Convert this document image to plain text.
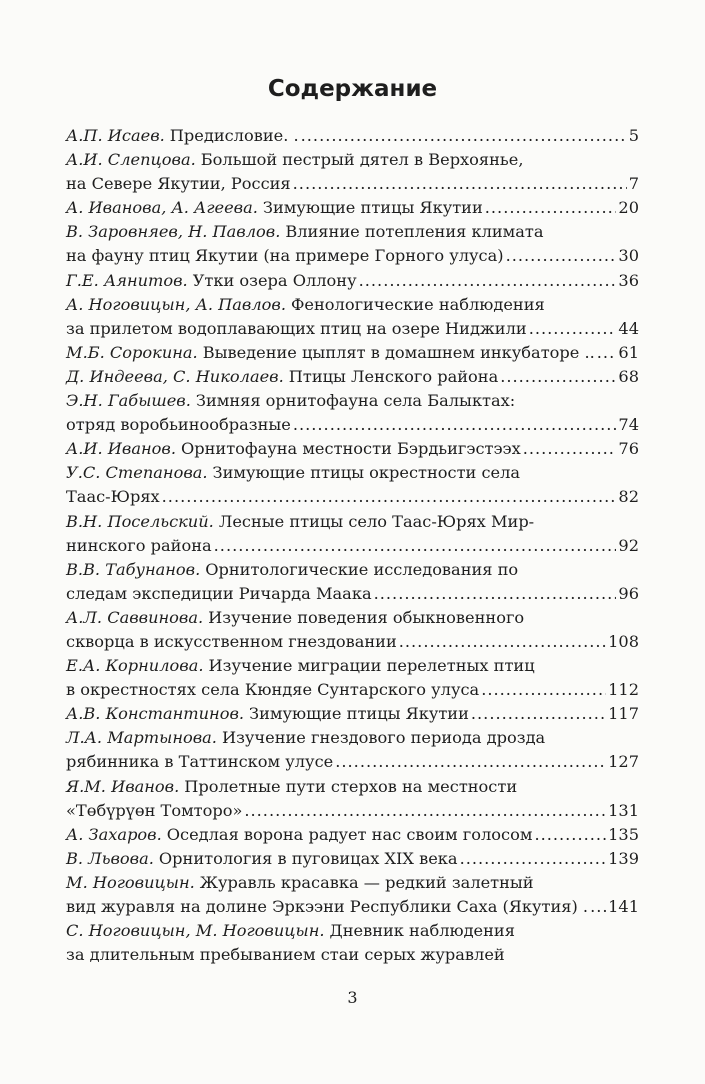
Содержание
А.П. Исаев. Предисловие. . .....	5
А.И. Слепцова. Большой пестрый дятел в Верхоянье,
на Севере Якутии, Россия .....	7
А. Иванова, А. Агеева. Зимующие птицы Якутии .....	20
В. Заровняев, Н. Павлов. Влияние потепления климата
на фауну птиц Якутии (на примере Горного улуса) .....	30
Г.Е. Аянитов. Утки озера Оллону .....	36
А. Ноговицын, А. Павлов. Фенологические наблюдения
за прилетом водоплавающих птиц на озере Ниджили .....	44
М.Б. Сорокина. Выведение цыплят в домашнем инкубаторе .. ..... 61
Д. Индеева, С. Николаев. Птицы Ленского района .....	68
Э.Н. Габышев. Зимняя орнитофауна села Балыктах:
отряд воробьинообразные .....	74
А.И. Иванов. Орнитофауна местности Бэрдьигэстээх .....	76
У.С. Степанова. Зимующие птицы окрестности села
Таас-Юрях .....	82
В.Н. Посельский. Лесные птицы село Таас-Юрях Мир-
нинского района .....	92
В.В. Табунанов. Орнитологические исследования по
следам экспедиции Ричарда Маака .....	96
А.Л. Саввинова. Изучение поведения обыкновенного
скворца в искусственном гнездовании .....	108
Е.А. Корнилова. Изучение миграции перелетных птиц
в окрестностях села Кюндяе Сунтарского улуса .....	112
А.В. Константинов. Зимующие птицы Якутии .....	117
Л.А. Мартынова. Изучение гнездового периода дрозда
рябинника в Таттинском улусе .....	127
Я.М. Иванов. Пролетные пути стерхов на местности
«Төбүрүөн Томторо» .....	131
А. Захаров. Оседлая ворона радует нас своим голосом .....	135
В. Львова. Орнитология в пуговицах XIX века .....	139
М. Ноговицын. Журавль красавка — редкий залетный
вид журавля на долине Эркээни Республики Саха (Якутия) . ..... 141
С. Ноговицын, М. Ноговицын. Дневник наблюдения
за длительным пребыванием стаи серых журавлей
3
